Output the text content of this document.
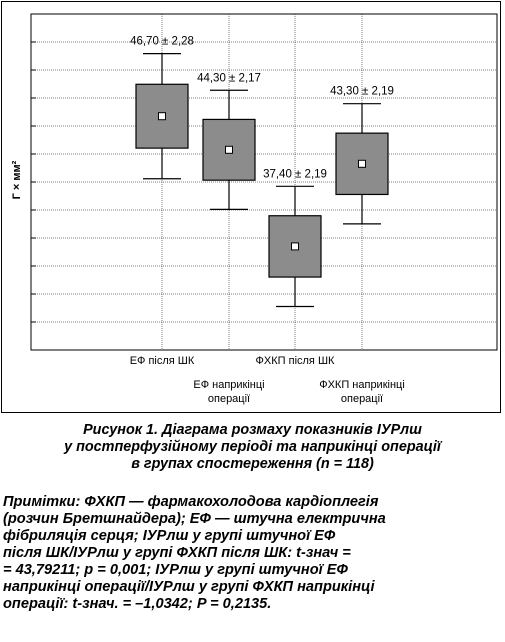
Г × мм²
46,70 ± 2,28
44,30 ± 2,17
37,40 ± 2,19
43,30 ± 2,19
ЕФ після ШК
ЕФ наприкінці операції
ФХКП після ШК
ФХКП наприкінці операції
Рисунок 1. Діаграма розмаху показників ІУРлш
у постперфузійному періоді та наприкінці операції
в групах спостереження (n = 118)
Примітки: ФХКП — фармакохолодова кардіоплегія
(розчин Бретшнайдера); ЕФ — штучна електрична
фібриляція серця; ІУРлш у групі штучної ЕФ
після ШК/ІУРлш у групі ФХКП після ШК: t-знач =
= 43,79211; p = 0,001; ІУРлш у групі штучної ЕФ
наприкінці операції/ІУРлш у групі ФХКП наприкінці
операції: t-знач. = –1,0342; P = 0,2135.
